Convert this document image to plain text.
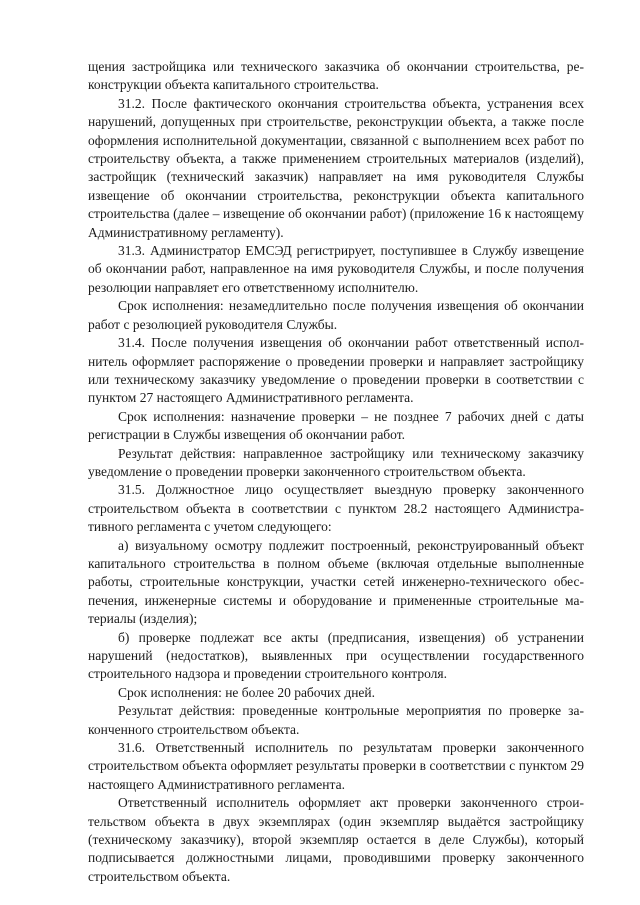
щения застройщика или технического заказчика об окончании строительства, реконструкции объекта капитального строительства.

31.2. После фактического окончания строительства объекта, устранения всех нарушений, допущенных при строительстве, реконструкции объекта, а также после оформления исполнительной документации, связанной с выполнением всех работ по строительству объекта, а также применением строительных материалов (изделий), застройщик (технический заказчик) направляет на имя руководителя Службы извещение об окончании строительства, реконструкции объекта капитального строительства (далее – извещение об окончании работ) (приложение 16 к настоящему Административному регламенту).

31.3. Администратор ЕМСЭД регистрирует, поступившее в Службу извещение об окончании работ, направленное на имя руководителя Службы, и после получения резолюции направляет его ответственному исполнителю.

Срок исполнения: незамедлительно после получения извещения об окончании работ с резолюцией руководителя Службы.

31.4. После получения извещения об окончании работ ответственный исполнитель оформляет распоряжение о проведении проверки и направляет застройщику или техническому заказчику уведомление о проведении проверки в соответствии с пунктом 27 настоящего Административного регламента.

Срок исполнения: назначение проверки – не позднее 7 рабочих дней с даты регистрации в Службы извещения об окончании работ.

Результат действия: направленное застройщику или техническому заказчику уведомление о проведении проверки законченного строительством объекта.

31.5. Должностное лицо осуществляет выездную проверку законченного строительством объекта в соответствии с пунктом 28.2 настоящего Административного регламента с учетом следующего:

а) визуальному осмотру подлежит построенный, реконструированный объект капитального строительства в полном объеме (включая отдельные выполненные работы, строительные конструкции, участки сетей инженерно-технического обеспечения, инженерные системы и оборудование и примененные строительные материалы (изделия);

б) проверке подлежат все акты (предписания, извещения) об устранении нарушений (недостатков), выявленных при осуществлении государственного строительного надзора и проведении строительного контроля.

Срок исполнения: не более 20 рабочих дней.

Результат действия: проведенные контрольные мероприятия по проверке законченного строительством объекта.

31.6. Ответственный исполнитель по результатам проверки законченного строительством объекта оформляет результаты проверки в соответствии с пунктом 29 настоящего Административного регламента.

Ответственный исполнитель оформляет акт проверки законченного строительством объекта в двух экземплярах (один экземпляр выдаётся застройщику (техническому заказчику), второй экземпляр остается в деле Службы), который подписывается должностными лицами, проводившими проверку законченного строительством объекта.
